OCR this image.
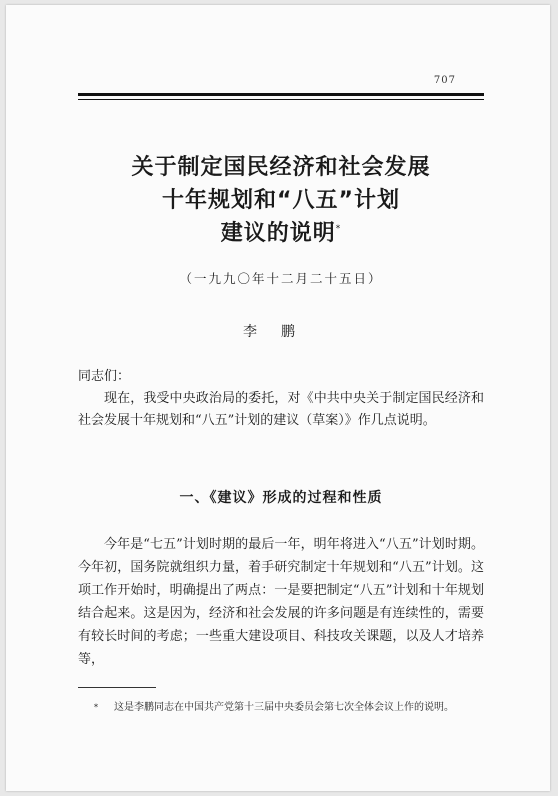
707
关于制定国民经济和社会发展
十年规划和“八五”计划
建议的说明*
（一九九〇年十二月二十五日）
李鹏
同志们：

现在，我受中央政治局的委托，对《中共中央关于制定国民经济和社会发展十年规划和“八五”计划的建议（草案）》作几点说明。

一、《建议》形成的过程和性质

今年是“七五”计划时期的最后一年，明年将进入“八五”计划时期。今年初，国务院就组织力量，着手研究制定十年规划和“八五”计划。这项工作开始时，明确提出了两点：一是要把制定“八五”计划和十年规划结合起来。这是因为，经济和社会发展的许多问题是有连续性的，需要有较长时间的考虑；一些重大建设项目、科技攻关课题，以及人才培养等，

* 这是李鹏同志在中国共产党第十三届中央委员会第七次全体会议上作的说明。
